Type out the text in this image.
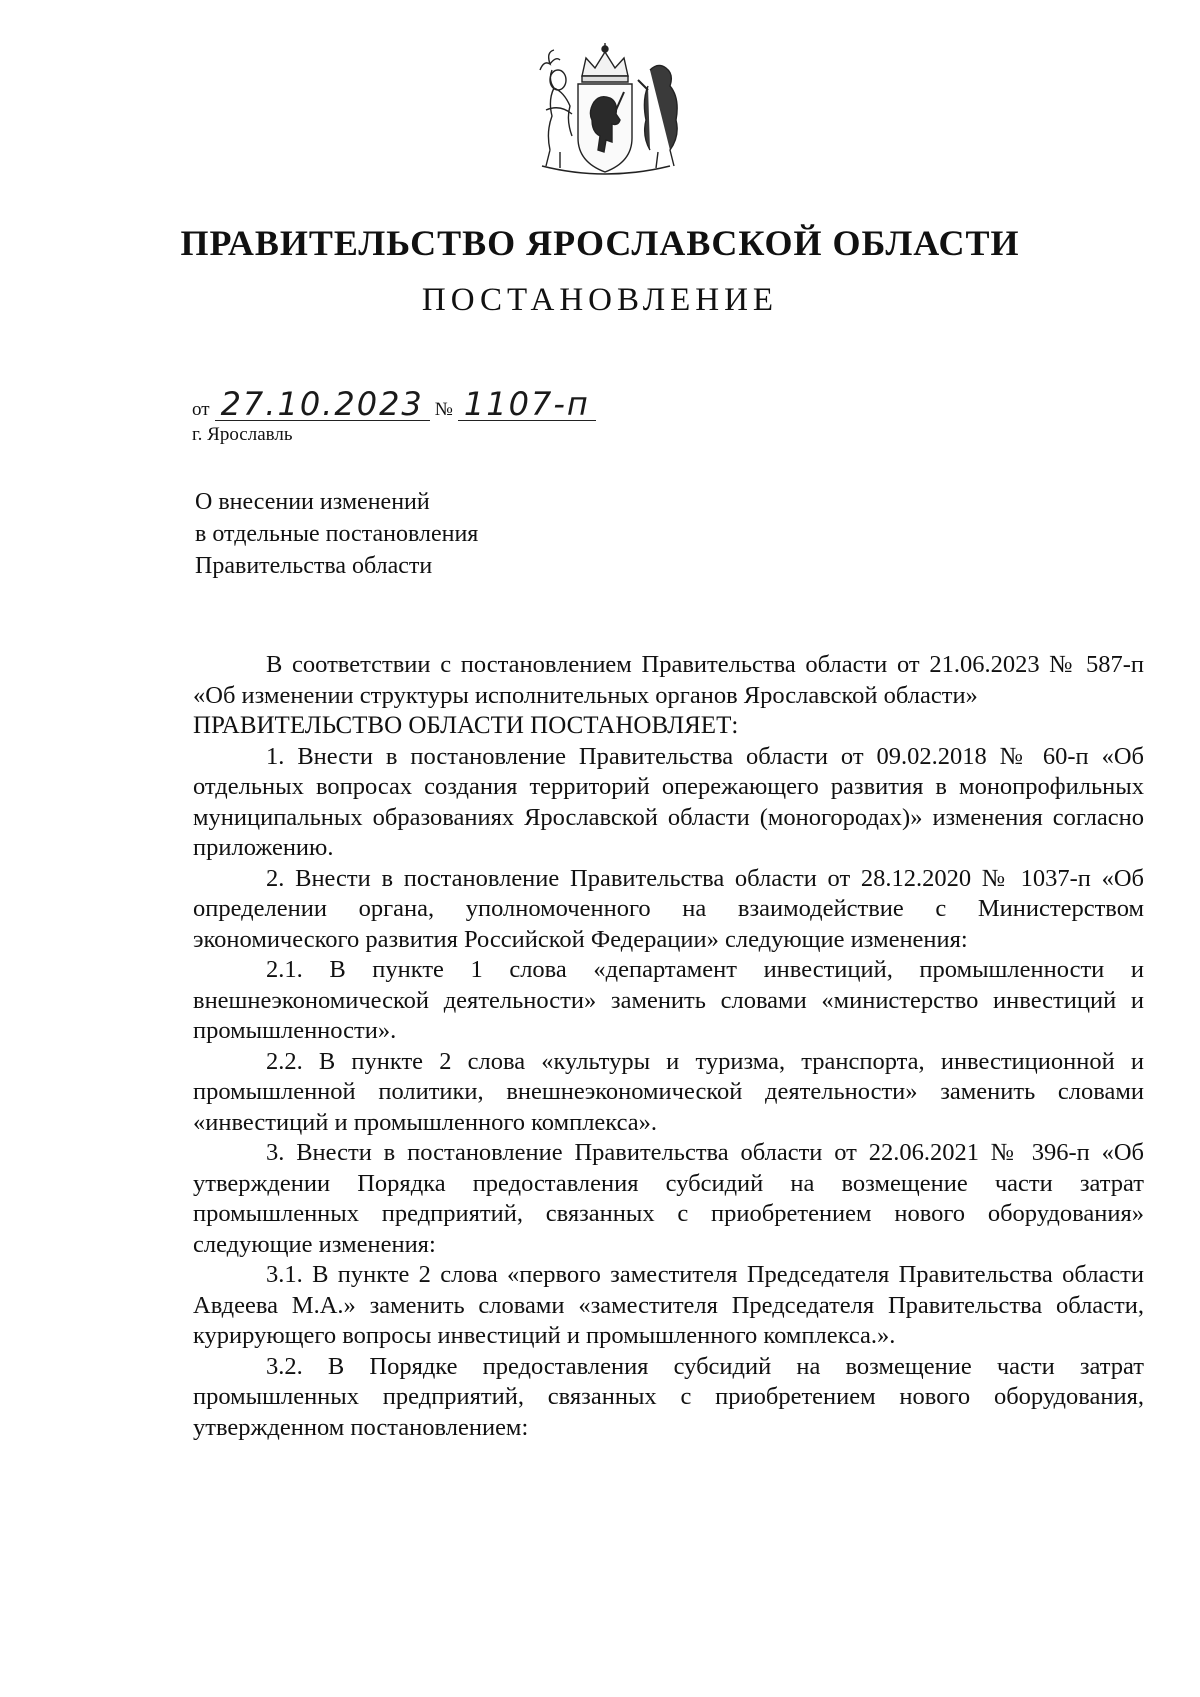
ПРАВИТЕЛЬСТВО ЯРОСЛАВСКОЙ ОБЛАСТИ
ПОСТАНОВЛЕНИЕ
от 27.10.2023 № 1107-п
г. Ярославль
О внесении изменений
в отдельные постановления
Правительства области

В соответствии с постановлением Правительства области от 21.06.2023 № 587-п «Об изменении структуры исполнительных органов Ярославской области»

ПРАВИТЕЛЬСТВО ОБЛАСТИ ПОСТАНОВЛЯЕТ:

1. Внести в постановление Правительства области от 09.02.2018 № 60-п «Об отдельных вопросах создания территорий опережающего развития в монопрофильных муниципальных образованиях Ярославской области (моногородах)» изменения согласно приложению.

2. Внести в постановление Правительства области от 28.12.2020 № 1037-п «Об определении органа, уполномоченного на взаимодействие с Министерством экономического развития Российской Федерации» следующие изменения:

2.1. В пункте 1 слова «департамент инвестиций, промышленности и внешнеэкономической деятельности» заменить словами «министерство инвестиций и промышленности».

2.2. В пункте 2 слова «культуры и туризма, транспорта, инвестиционной и промышленной политики, внешнеэкономической деятельности» заменить словами «инвестиций и промышленного комплекса».

3. Внести в постановление Правительства области от 22.06.2021 № 396-п «Об утверждении Порядка предоставления субсидий на возмещение части затрат промышленных предприятий, связанных с приобретением нового оборудования» следующие изменения:

3.1. В пункте 2 слова «первого заместителя Председателя Правительства области Авдеева М.А.» заменить словами «заместителя Председателя Правительства области, курирующего вопросы инвестиций и промышленного комплекса.».

3.2. В Порядке предоставления субсидий на возмещение части затрат промышленных предприятий, связанных с приобретением нового оборудования, утвержденном постановлением:
